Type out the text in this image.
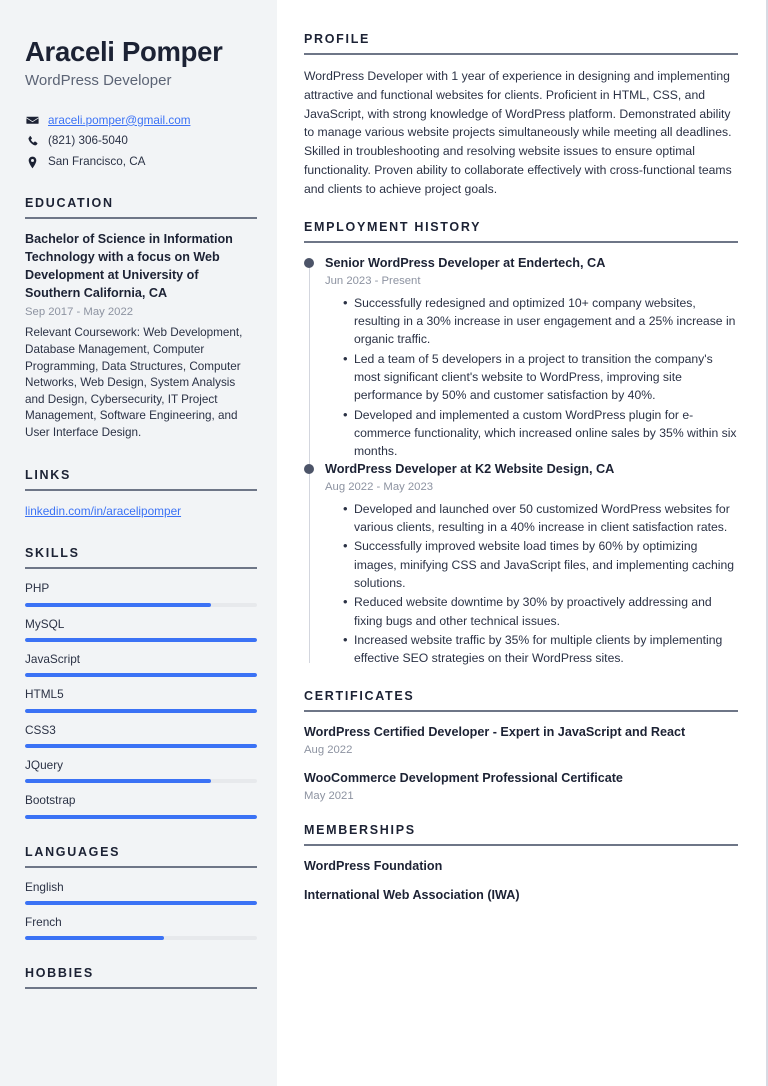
Araceli Pomper
WordPress Developer
araceli.pomper@gmail.com
(821) 306-5040
San Francisco, CA
EDUCATION
Bachelor of Science in Information Technology with a focus on Web Development at University of Southern California, CA
Sep 2017 - May 2022
Relevant Coursework: Web Development, Database Management, Computer Programming, Data Structures, Computer Networks, Web Design, System Analysis and Design, Cybersecurity, IT Project Management, Software Engineering, and User Interface Design.
LINKS
linkedin.com/in/aracelipomper
SKILLS
PHP
MySQL
JavaScript
HTML5
CSS3
JQuery
Bootstrap
LANGUAGES
English
French
HOBBIES
PROFILE

WordPress Developer with 1 year of experience in designing and implementing attractive and functional websites for clients. Proficient in HTML, CSS, and JavaScript, with strong knowledge of WordPress platform. Demonstrated ability to manage various website projects simultaneously while meeting all deadlines. Skilled in troubleshooting and resolving website issues to ensure optimal functionality. Proven ability to collaborate effectively with cross-functional teams and clients to achieve project goals.

EMPLOYMENT HISTORY
Senior WordPress Developer at Endertech, CA
Jun 2023 - Present
• Successfully redesigned and optimized 10+ company websites, resulting in a 30% increase in user engagement and a 25% increase in organic traffic.
• Led a team of 5 developers in a project to transition the company's most significant client's website to WordPress, improving site performance by 50% and customer satisfaction by 40%.
• Developed and implemented a custom WordPress plugin for e-commerce functionality, which increased online sales by 35% within six months.
WordPress Developer at K2 Website Design, CA
Aug 2022 - May 2023
• Developed and launched over 50 customized WordPress websites for various clients, resulting in a 40% increase in client satisfaction rates.
• Successfully improved website load times by 60% by optimizing images, minifying CSS and JavaScript files, and implementing caching solutions.
• Reduced website downtime by 30% by proactively addressing and fixing bugs and other technical issues.
• Increased website traffic by 35% for multiple clients by implementing effective SEO strategies on their WordPress sites.
CERTIFICATES
WordPress Certified Developer - Expert in JavaScript and React
Aug 2022
WooCommerce Development Professional Certificate
May 2021
MEMBERSHIPS
WordPress Foundation
International Web Association (IWA)
